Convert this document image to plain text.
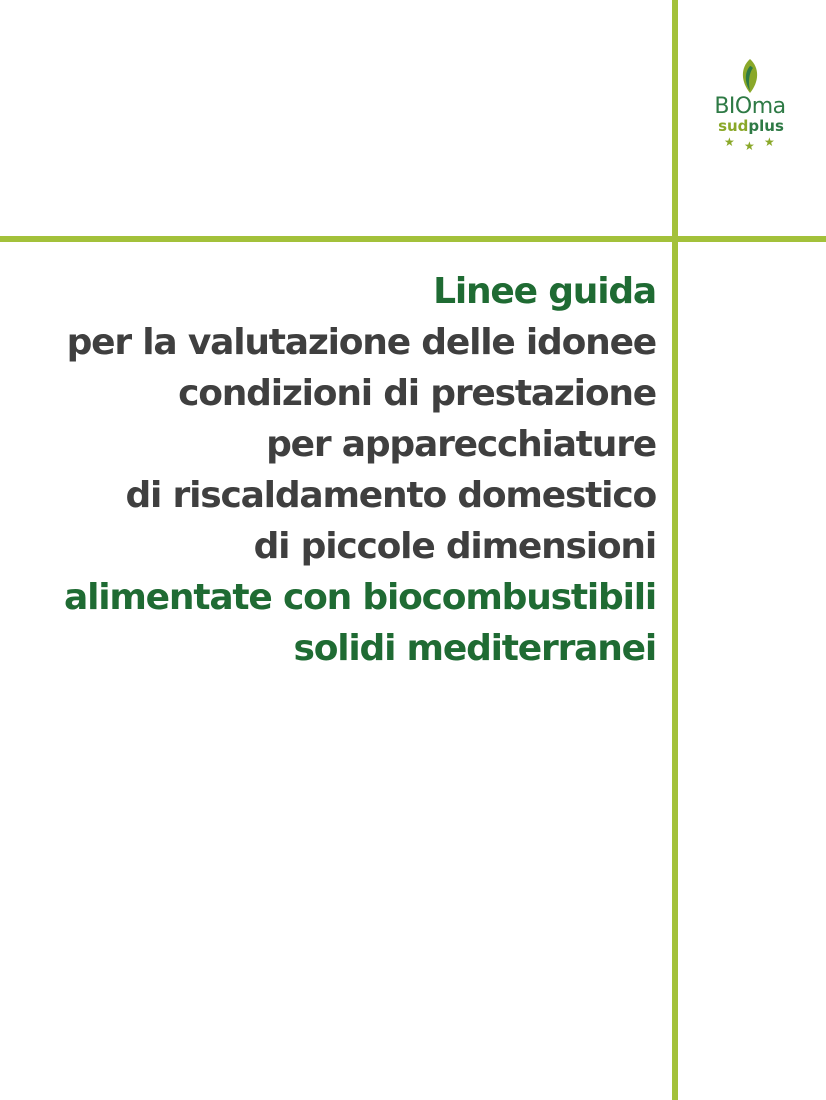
BIOma
sudplus
★ ★ ★
Linee guida
per la valutazione delle idonee
condizioni di prestazione
per apparecchiature
di riscaldamento domestico
di piccole dimensioni
alimentate con biocombustibili
solidi mediterranei
